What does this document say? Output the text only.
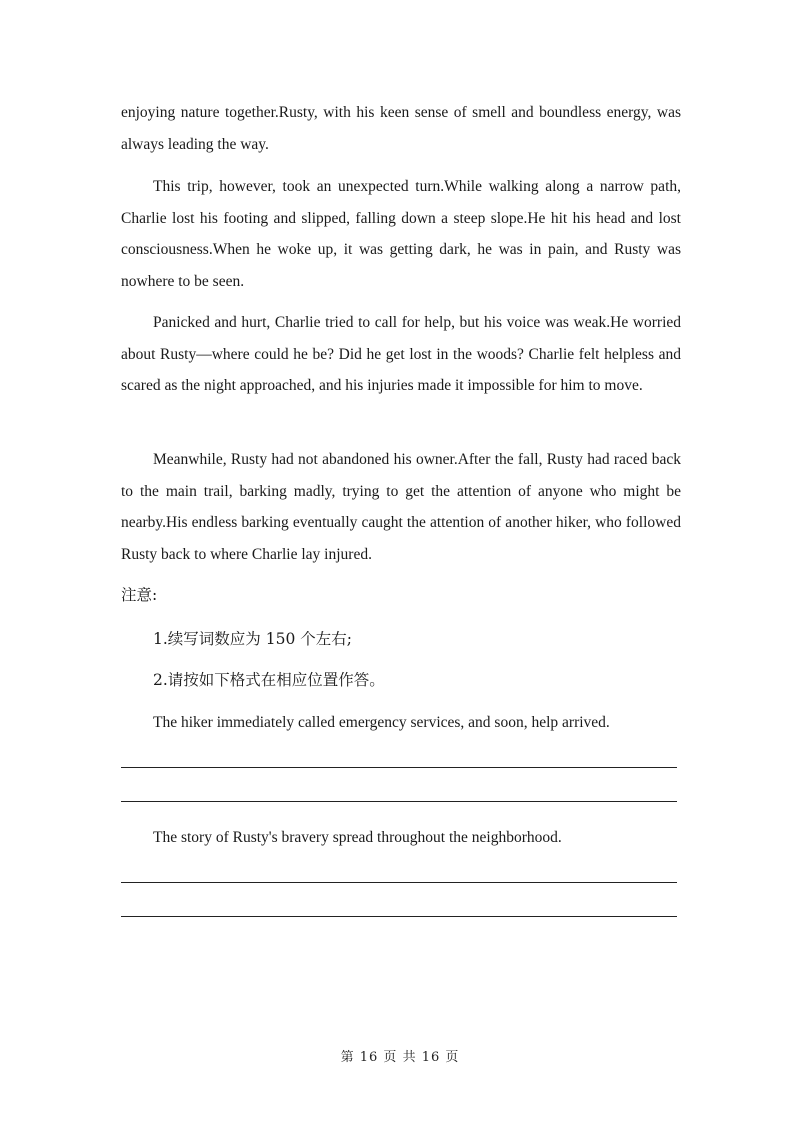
enjoying nature together.Rusty, with his keen sense of smell and boundless energy, was always leading the way.

This trip, however, took an unexpected turn.While walking along a narrow path, Charlie lost his footing and slipped, falling down a steep slope.He hit his head and lost consciousness.When he woke up, it was getting dark, he was in pain, and Rusty was nowhere to be seen.

Panicked and hurt, Charlie tried to call for help, but his voice was weak.He worried about Rusty—where could he be? Did he get lost in the woods? Charlie felt helpless and scared as the night approached, and his injuries made it impossible for him to move.

Meanwhile, Rusty had not abandoned his owner.After the fall, Rusty had raced back to the main trail, barking madly, trying to get the attention of anyone who might be nearby.His endless barking eventually caught the attention of another hiker, who followed Rusty back to where Charlie lay injured.

注意:

1.续写词数应为 150 个左右;

2.请按如下格式在相应位置作答。

The hiker immediately called emergency services, and soon, help arrived.

The story of Rusty's bravery spread throughout the neighborhood.

第 16 页 共 16 页
